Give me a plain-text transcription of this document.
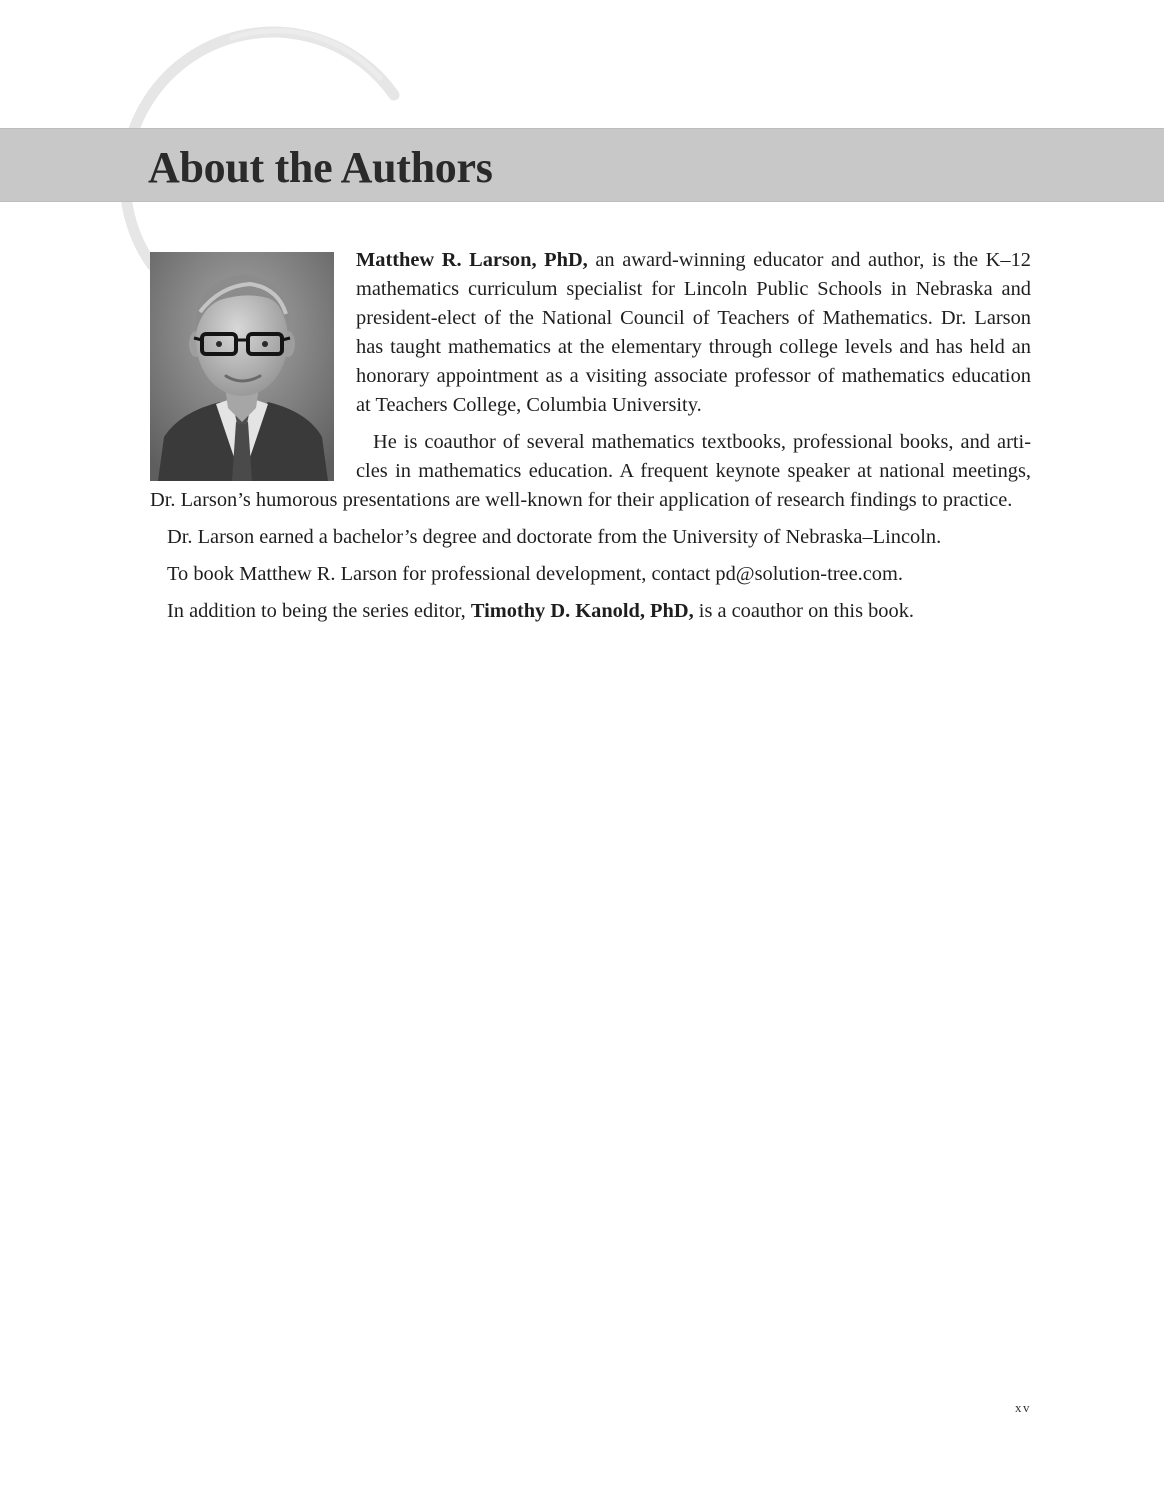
About the Authors

Matthew R. Larson, PhD, an award-winning educator and author, is the K–12 mathematics curriculum specialist for Lincoln Public Schools in Nebraska and president-elect of the National Council of Teachers of Mathematics. Dr. Larson has taught mathematics at the elementary through college levels and has held an honorary appointment as a visiting associate professor of mathematics education at Teachers College, Columbia University.

He is coauthor of several mathematics textbooks, professional books, and articles in mathematics education. A frequent keynote speaker at national meetings, Dr. Larson’s humorous presentations are well-known for their application of research findings to practice.

Dr. Larson earned a bachelor’s degree and doctorate from the University of Nebraska–Lincoln.

To book Matthew R. Larson for professional development, contact pd@solution-tree.com.

In addition to being the series editor, Timothy D. Kanold, PhD, is a coauthor on this book.

xv
